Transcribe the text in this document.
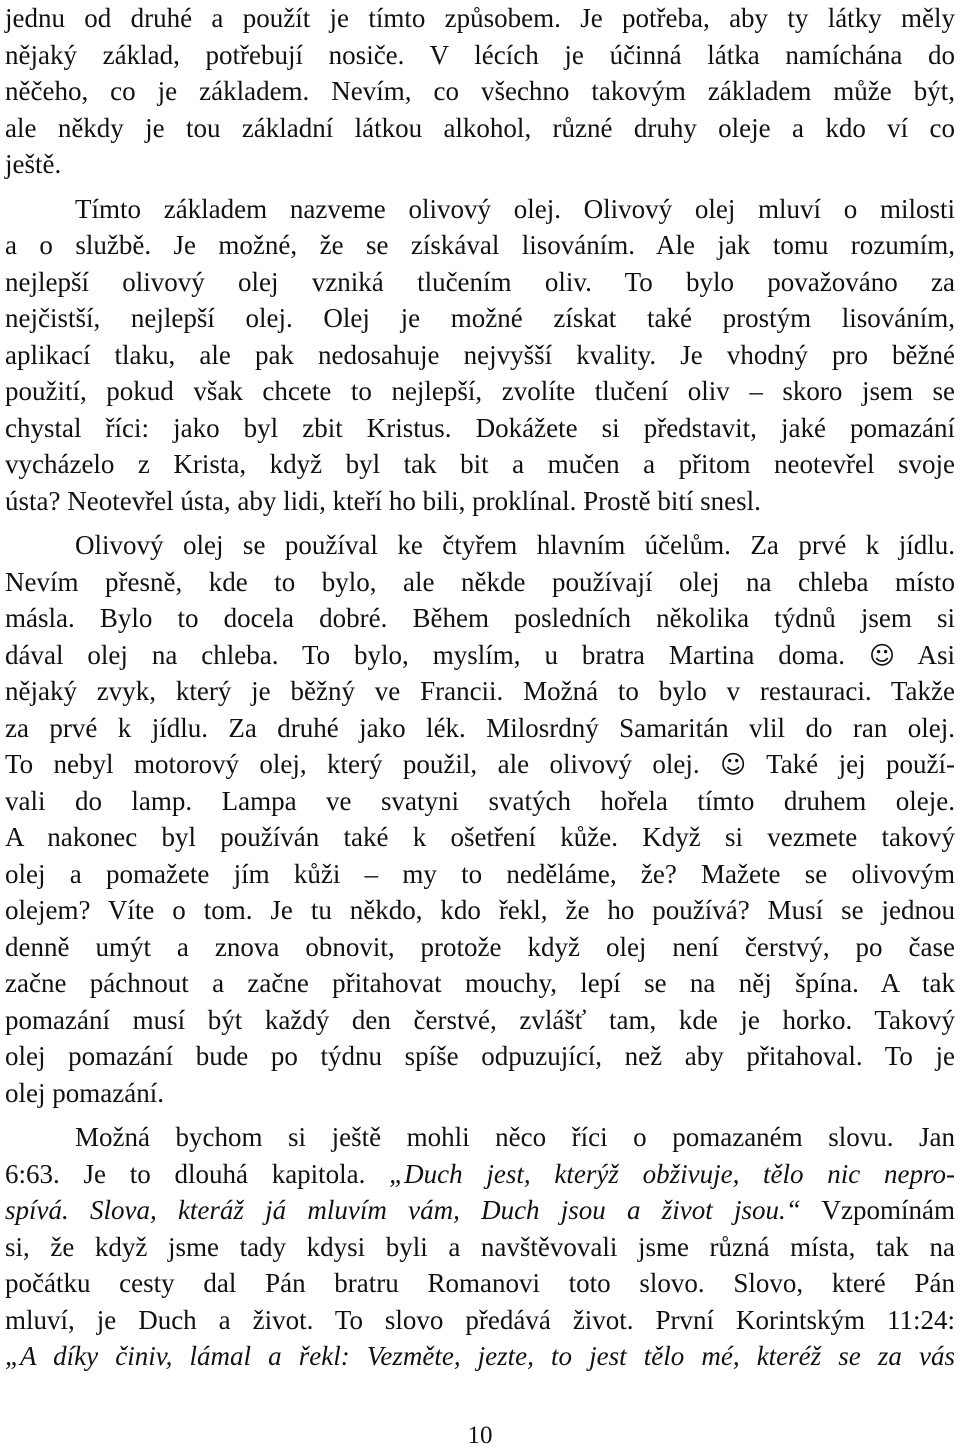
jednu od druhé a použít je tímto způsobem. Je potřeba, aby ty látky měly
nějaký základ, potřebují nosiče. V lécích je účinná látka namíchána do
něčeho, co je základem. Nevím, co všechno takovým základem může být,
ale někdy je tou základní látkou alkohol, různé druhy oleje a kdo ví co
ještě.
Tímto základem nazveme olivový olej. Olivový olej mluví o milosti
a o službě. Je možné, že se získával lisováním. Ale jak tomu rozumím,
nejlepší olivový olej vzniká tlučením oliv. To bylo považováno za
nejčistší, nejlepší olej. Olej je možné získat také prostým lisováním,
aplikací tlaku, ale pak nedosahuje nejvyšší kvality. Je vhodný pro běžné
použití, pokud však chcete to nejlepší, zvolíte tlučení oliv – skoro jsem se
chystal říci: jako byl zbit Kristus. Dokážete si představit, jaké pomazání
vycházelo z Krista, když byl tak bit a mučen a přitom neotevřel svoje
ústa? Neotevřel ústa, aby lidi, kteří ho bili, proklínal. Prostě bití snesl.
Olivový olej se používal ke čtyřem hlavním účelům. Za prvé k jídlu.
Nevím přesně, kde to bylo, ale někde používají olej na chleba místo
másla. Bylo to docela dobré. Během posledních několika týdnů jsem si
dával olej na chleba. To bylo, myslím, u bratra Martina doma. ☺ Asi
nějaký zvyk, který je běžný ve Francii. Možná to bylo v restauraci. Takže
za prvé k jídlu. Za druhé jako lék. Milosrdný Samaritán vlil do ran olej.
To nebyl motorový olej, který použil, ale olivový olej. ☺ Také jej použí-
vali do lamp. Lampa ve svatyni svatých hořela tímto druhem oleje.
A nakonec byl používán také k ošetření kůže. Když si vezmete takový
olej a pomažete jím kůži – my to neděláme, že? Mažete se olivovým
olejem? Víte o tom. Je tu někdo, kdo řekl, že ho používá? Musí se jednou
denně umýt a znova obnovit, protože když olej není čerstvý, po čase
začne páchnout a začne přitahovat mouchy, lepí se na něj špína. A tak
pomazání musí být každý den čerstvé, zvlášť tam, kde je horko. Takový
olej pomazání bude po týdnu spíše odpuzující, než aby přitahoval. To je
olej pomazání.
Možná bychom si ještě mohli něco říci o pomazaném slovu. Jan
6:63. Je to dlouhá kapitola. „Duch jest, kterýž obživuje, tělo nic nepro-
spívá. Slova, kteráž já mluvím vám, Duch jsou a život jsou.“ Vzpomínám
si, že když jsme tady kdysi byli a navštěvovali jsme různá místa, tak na
počátku cesty dal Pán bratru Romanovi toto slovo. Slovo, které Pán
mluví, je Duch a život. To slovo předává život. První Korintským 11:24:
„A díky činiv, lámal a řekl: Vezměte, jezte, to jest tělo mé, kteréž se za vás
10
